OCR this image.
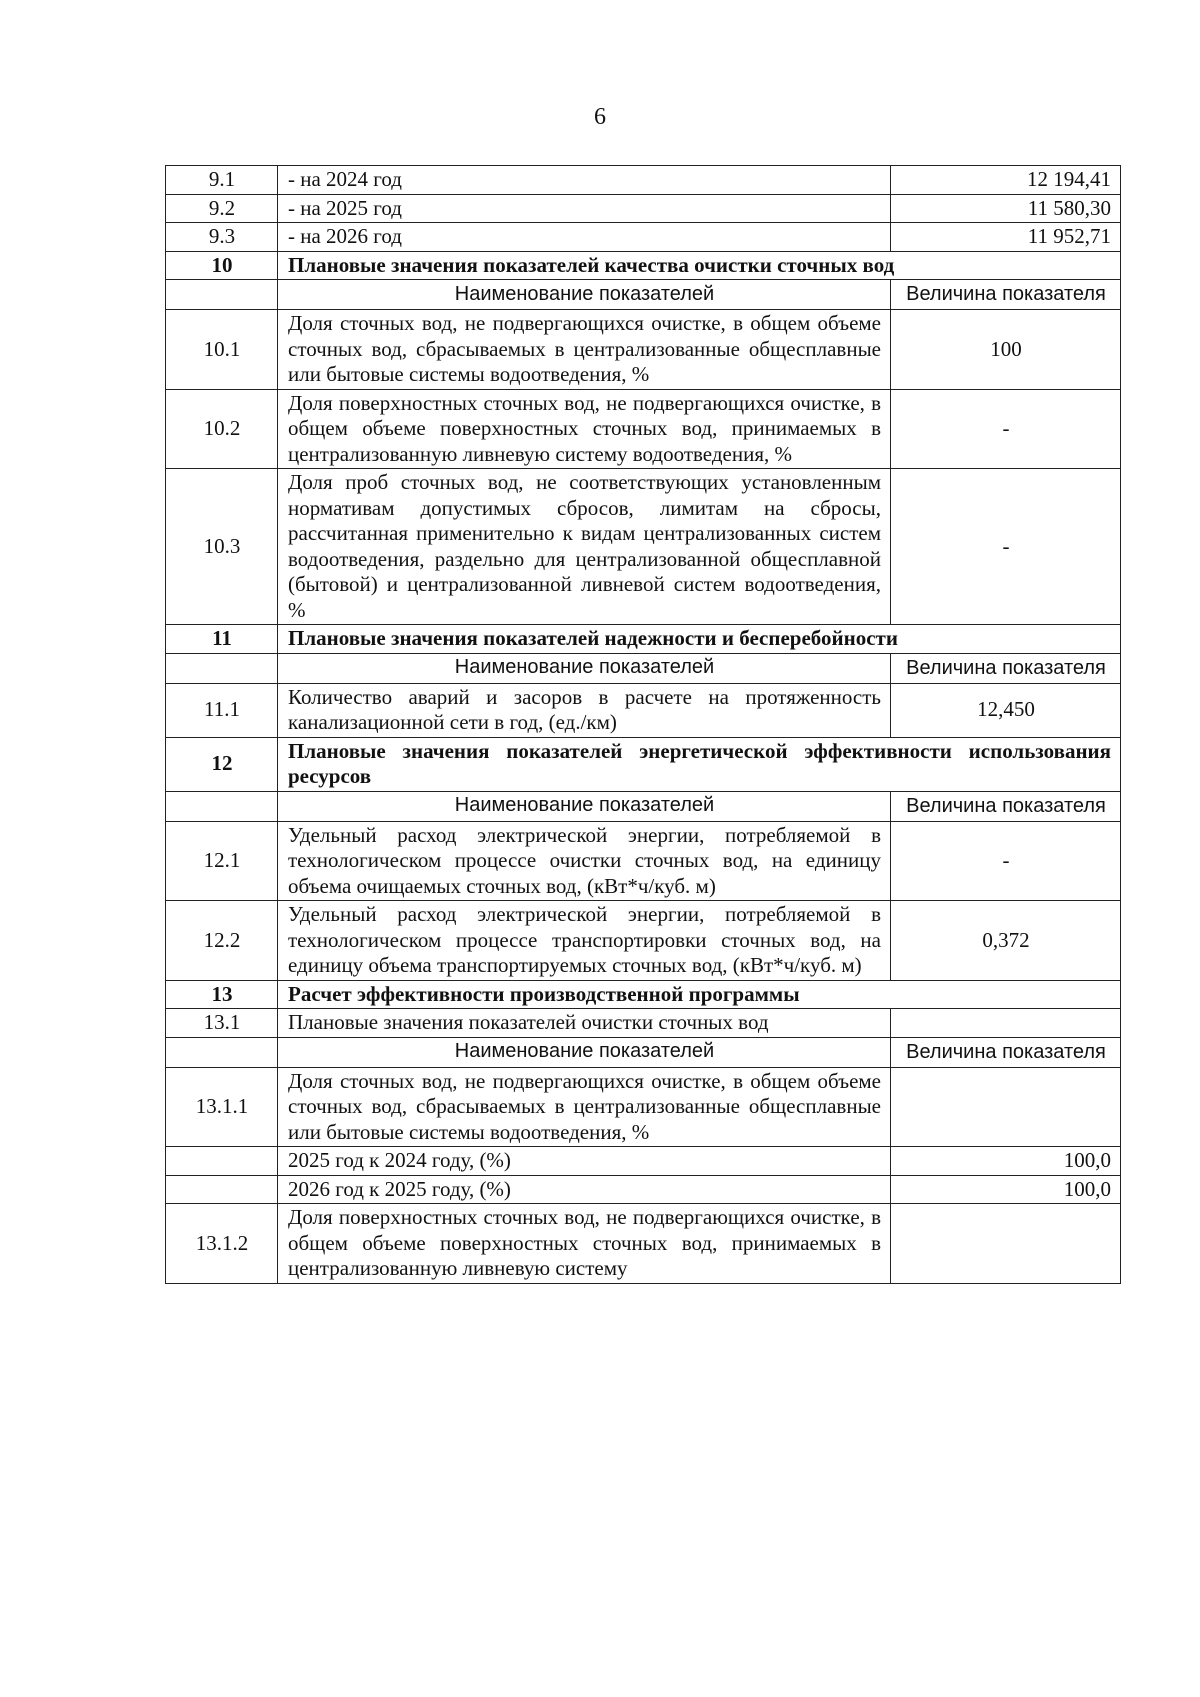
6
9.1	- на 2024 год	12 194,41
9.2	- на 2025 год	11 580,30
9.3	- на 2026 год	11 952,71
10	Плановые значения показателей качества очистки сточных вод	
	Наименование показателей	Величина показателя
10.1	Доля сточных вод, не подвергающихся очистке, в общем объеме сточных вод, сбрасываемых в централизованные общесплавные или бытовые системы водоотведения, %	100
10.2	Доля поверхностных сточных вод, не подвергающихся очистке, в общем объеме поверхностных сточных вод, принимаемых в централизованную ливневую систему водоотведения, %	-
10.3	Доля проб сточных вод, не соответствующих установленным нормативам допустимых сбросов, лимитам на сбросы, рассчитанная применительно к видам централизованных систем водоотведения, раздельно для централизованной общесплавной (бытовой) и централизованной ливневой систем водоотведения, %	-
11	Плановые значения показателей надежности и бесперебойности	
	Наименование показателей	Величина показателя
11.1	Количество аварий и засоров в расчете на протяженность канализационной сети в год, (ед./км)	12,450
12	Плановые значения показателей энергетической эффективности использования ресурсов	
	Наименование показателей	Величина показателя
12.1	Удельный расход электрической энергии, потребляемой в технологическом процессе очистки сточных вод, на единицу объема очищаемых сточных вод, (кВт*ч/куб. м)	-
12.2	Удельный расход электрической энергии, потребляемой в технологическом процессе транспортировки сточных вод, на единицу объема транспортируемых сточных вод, (кВт*ч/куб. м)	0,372
13	Расчет эффективности производственной программы	
13.1	Плановые значения показателей очистки сточных вод	
	Наименование показателей	Величина показателя
13.1.1	Доля сточных вод, не подвергающихся очистке, в общем объеме сточных вод, сбрасываемых в централизованные общесплавные или бытовые системы водоотведения, %	
	2025 год к 2024 году, (%)	100,0
	2026 год к 2025 году, (%)	100,0
13.1.2	Доля поверхностных сточных вод, не подвергающихся очистке, в общем объеме поверхностных сточных вод, принимаемых в централизованную ливневую систему	
